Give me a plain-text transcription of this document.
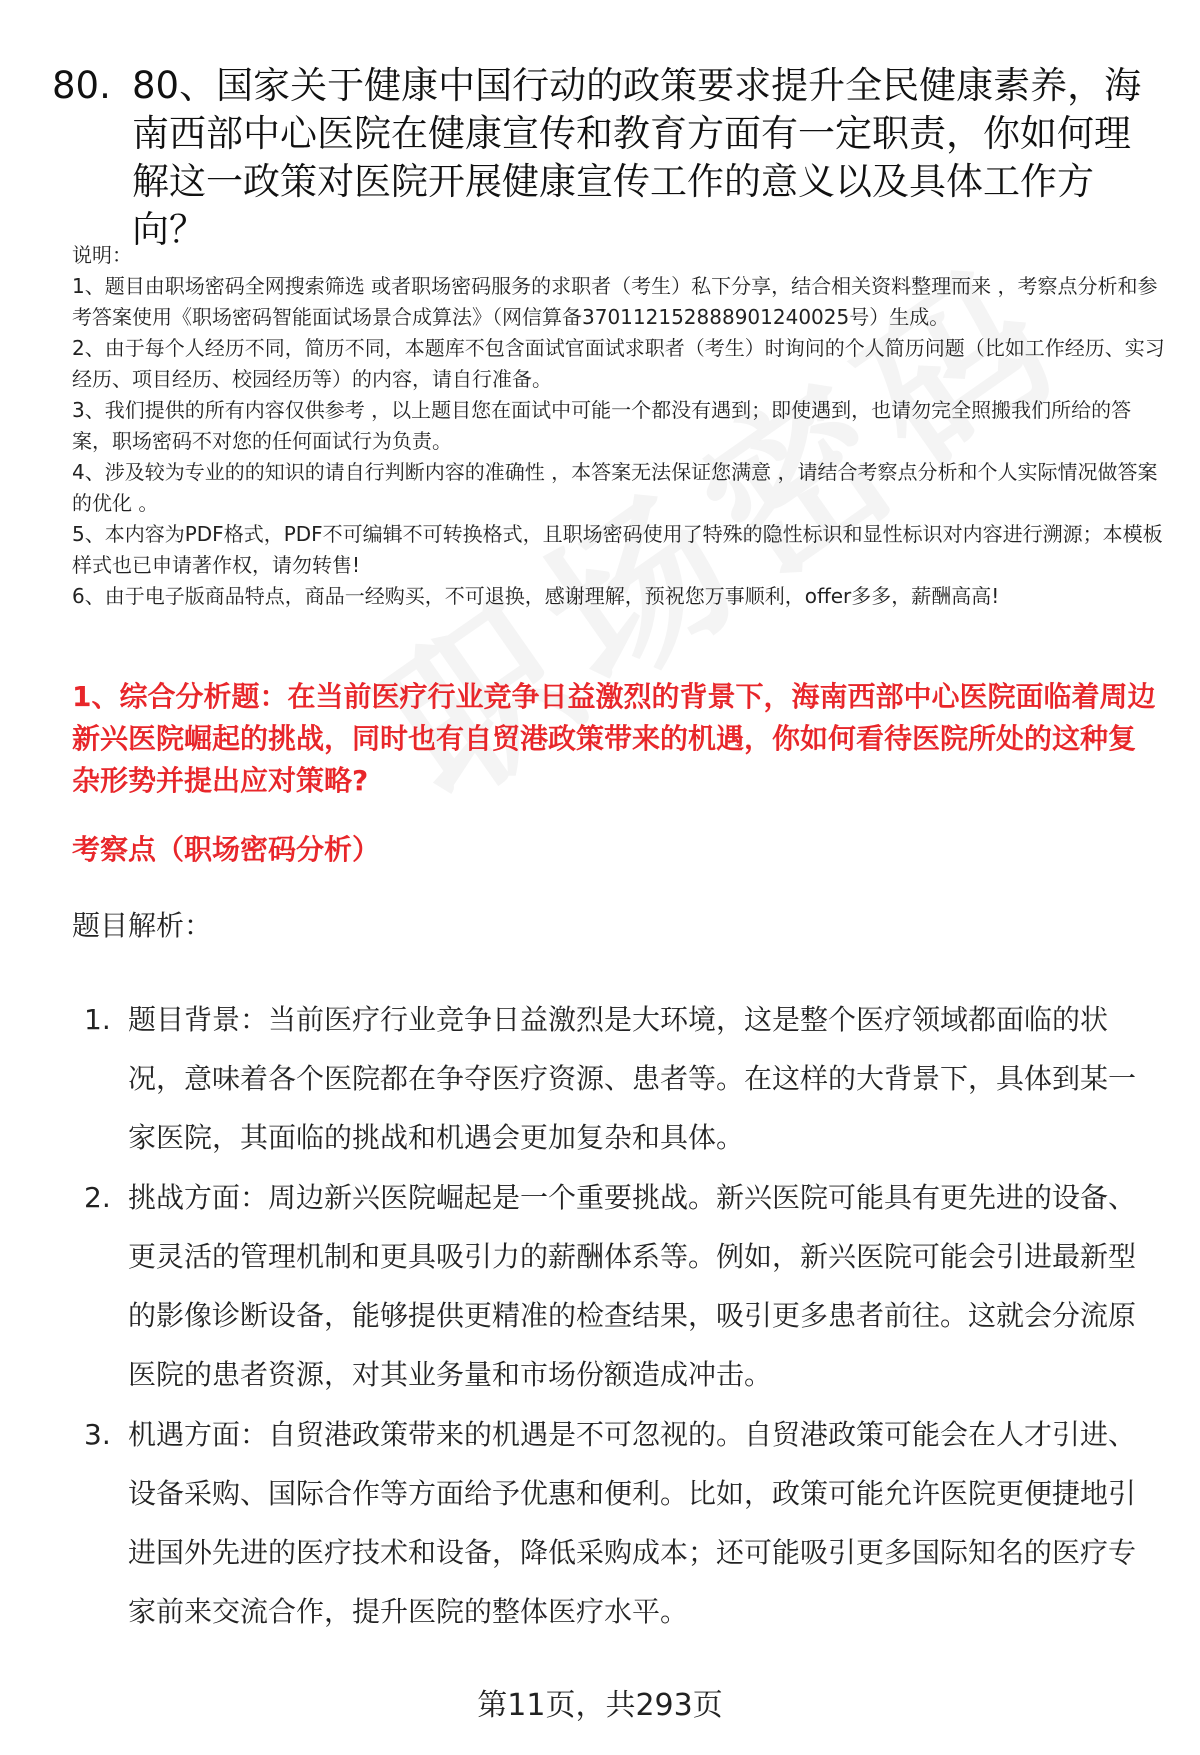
80. 80、国家关于健康中国行动的政策要求提升全民健康素养，海南西部中心医院在健康宣传和教育方面有一定职责，你如何理解这一政策对医院开展健康宣传工作的意义以及具体工作方向？
说明：
1、题目由职场密码全网搜索筛选 或者职场密码服务的求职者（考生）私下分享，结合相关资料整理而来 ，考察点分析和参考答案使用《职场密码智能面试场景合成算法》（网信算备370112152888901240025号）生成。
2、由于每个人经历不同，简历不同，本题库不包含面试官面试求职者（考生）时询问的个人简历问题（比如工作经历、实习经历、项目经历、校园经历等）的内容，请自行准备。
3、我们提供的所有内容仅供参考 ，以上题目您在面试中可能一个都没有遇到；即使遇到，也请勿完全照搬我们所给的答案，职场密码不对您的任何面试行为负责。
4、涉及较为专业的的知识的请自行判断内容的准确性 ，本答案无法保证您满意 ，请结合考察点分析和个人实际情况做答案的优化 。
5、本内容为PDF格式，PDF不可编辑不可转换格式，且职场密码使用了特殊的隐性标识和显性标识对内容进行溯源；本模板样式也已申请著作权，请勿转售!
6、由于电子版商品特点，商品一经购买，不可退换，感谢理解，预祝您万事顺利，offer多多，薪酬高高!
1、综合分析题：在当前医疗行业竞争日益激烈的背景下，海南西部中心医院面临着周边新兴医院崛起的挑战，同时也有自贸港政策带来的机遇，你如何看待医院所处的这种复杂形势并提出应对策略?
考察点（职场密码分析）
题目解析：
1. 题目背景：当前医疗行业竞争日益激烈是大环境，这是整个医疗领域都面临的状况，意味着各个医院都在争夺医疗资源、患者等。在这样的大背景下，具体到某一家医院，其面临的挑战和机遇会更加复杂和具体。
2. 挑战方面：周边新兴医院崛起是一个重要挑战。新兴医院可能具有更先进的设备、更灵活的管理机制和更具吸引力的薪酬体系等。例如，新兴医院可能会引进最新型的影像诊断设备，能够提供更精准的检查结果，吸引更多患者前往。这就会分流原医院的患者资源，对其业务量和市场份额造成冲击。
3. 机遇方面：自贸港政策带来的机遇是不可忽视的。自贸港政策可能会在人才引进、设备采购、国际合作等方面给予优惠和便利。比如，政策可能允许医院更便捷地引进国外先进的医疗技术和设备，降低采购成本；还可能吸引更多国际知名的医疗专家前来交流合作，提升医院的整体医疗水平。
第11页，共293页
